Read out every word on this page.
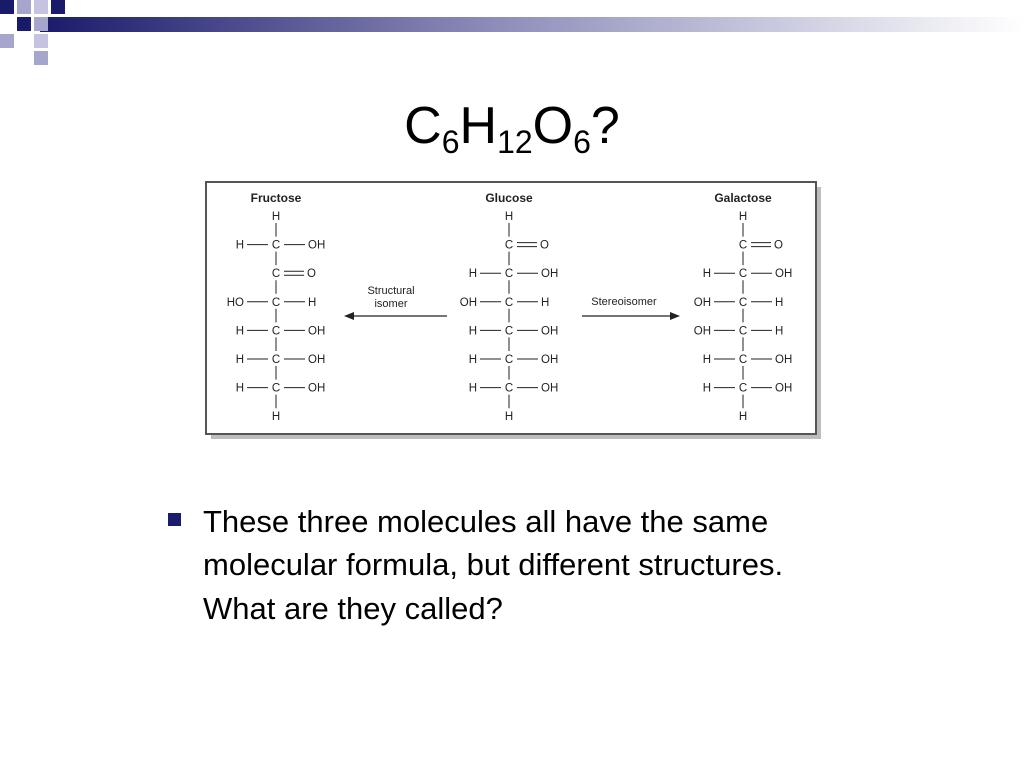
$C_6H_{12}O_6$?
Fructose
H
C
H	OH
C O
C
HO	H
C
H	OH
C
H	OH
C
H	OH
H
Glucose
H
C O
C
H	OH
C
OH	H
C
H	OH
C
H	OH
C
H	OH
H
Galactose
H
C O
C
H	OH
C
OH	H
C
OH	H
C
H	OH
C
H	OH
H
Structural
isomer	Stereoisomer
These three molecules all have the same molecular formula, but different structures. What are they called?
